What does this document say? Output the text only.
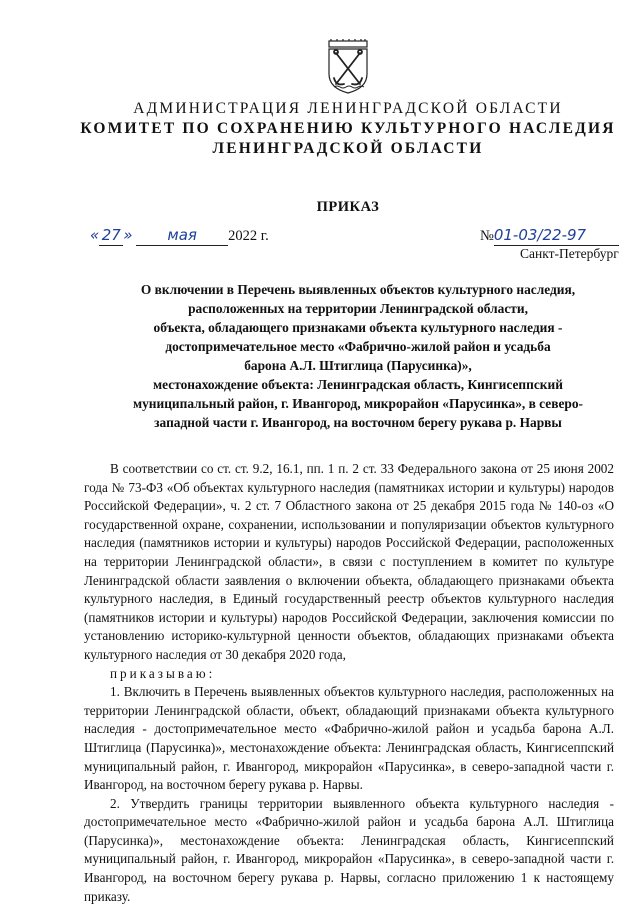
АДМИНИСТРАЦИЯ ЛЕНИНГРАДСКОЙ ОБЛАСТИ
КОМИТЕТ ПО СОХРАНЕНИЮ КУЛЬТУРНОГО НАСЛЕДИЯ
ЛЕНИНГРАДСКОЙ ОБЛАСТИ
ПРИКАЗ
« 27 » мая 2022 г.	№01-03/22-97
Санкт-Петербург
О включении в Перечень выявленных объектов культурного наследия,
расположенных на территории Ленинградской области,
объекта, обладающего признаками объекта культурного наследия -
достопримечательное место «Фабрично-жилой район и усадьба
барона А.Л. Штиглица (Парусинка)»,
местонахождение объекта: Ленинградская область, Кингисеппский
муниципальный район, г. Ивангород, микрорайон «Парусинка», в северо-
западной части г. Ивангород, на восточном берегу рукава р. Нарвы

В соответствии со ст. ст. 9.2, 16.1, пп. 1 п. 2 ст. 33 Федерального закона от 25 июня 2002 года № 73-ФЗ «Об объектах культурного наследия (памятниках истории и культуры) народов Российской Федерации», ч. 2 ст. 7 Областного закона от 25 декабря 2015 года № 140-оз «О государственной охране, сохранении, использовании и популяризации объектов культурного наследия (памятников истории и культуры) народов Российской Федерации, расположенных на территории Ленинградской области», в связи с поступлением в комитет по культуре Ленинградской области заявления о включении объекта, обладающего признаками объекта культурного наследия, в Единый государственный реестр объектов культурного наследия (памятников истории и культуры) народов Российской Федерации, заключения комиссии по установлению историко-культурной ценности объектов, обладающих признаками объекта культурного наследия от 30 декабря 2020 года,

приказываю:

1. Включить в Перечень выявленных объектов культурного наследия, расположенных на территории Ленинградской области, объект, обладающий признаками объекта культурного наследия - достопримечательное место «Фабрично-жилой район и усадьба барона А.Л. Штиглица (Парусинка)», местонахождение объекта: Ленинградская область, Кингисеппский муниципальный район, г. Ивангород, микрорайон «Парусинка», в северо-западной части г. Ивангород, на восточном берегу рукава р. Нарвы.

2. Утвердить границы территории выявленного объекта культурного наследия - достопримечательное место «Фабрично-жилой район и усадьба барона А.Л. Штиглица (Парусинка)», местонахождение объекта: Ленинградская область, Кингисеппский муниципальный район, г. Ивангород, микрорайон «Парусинка», в северо-западной части г. Ивангород, на восточном берегу рукава р. Нарвы, согласно приложению 1 к настоящему приказу.
